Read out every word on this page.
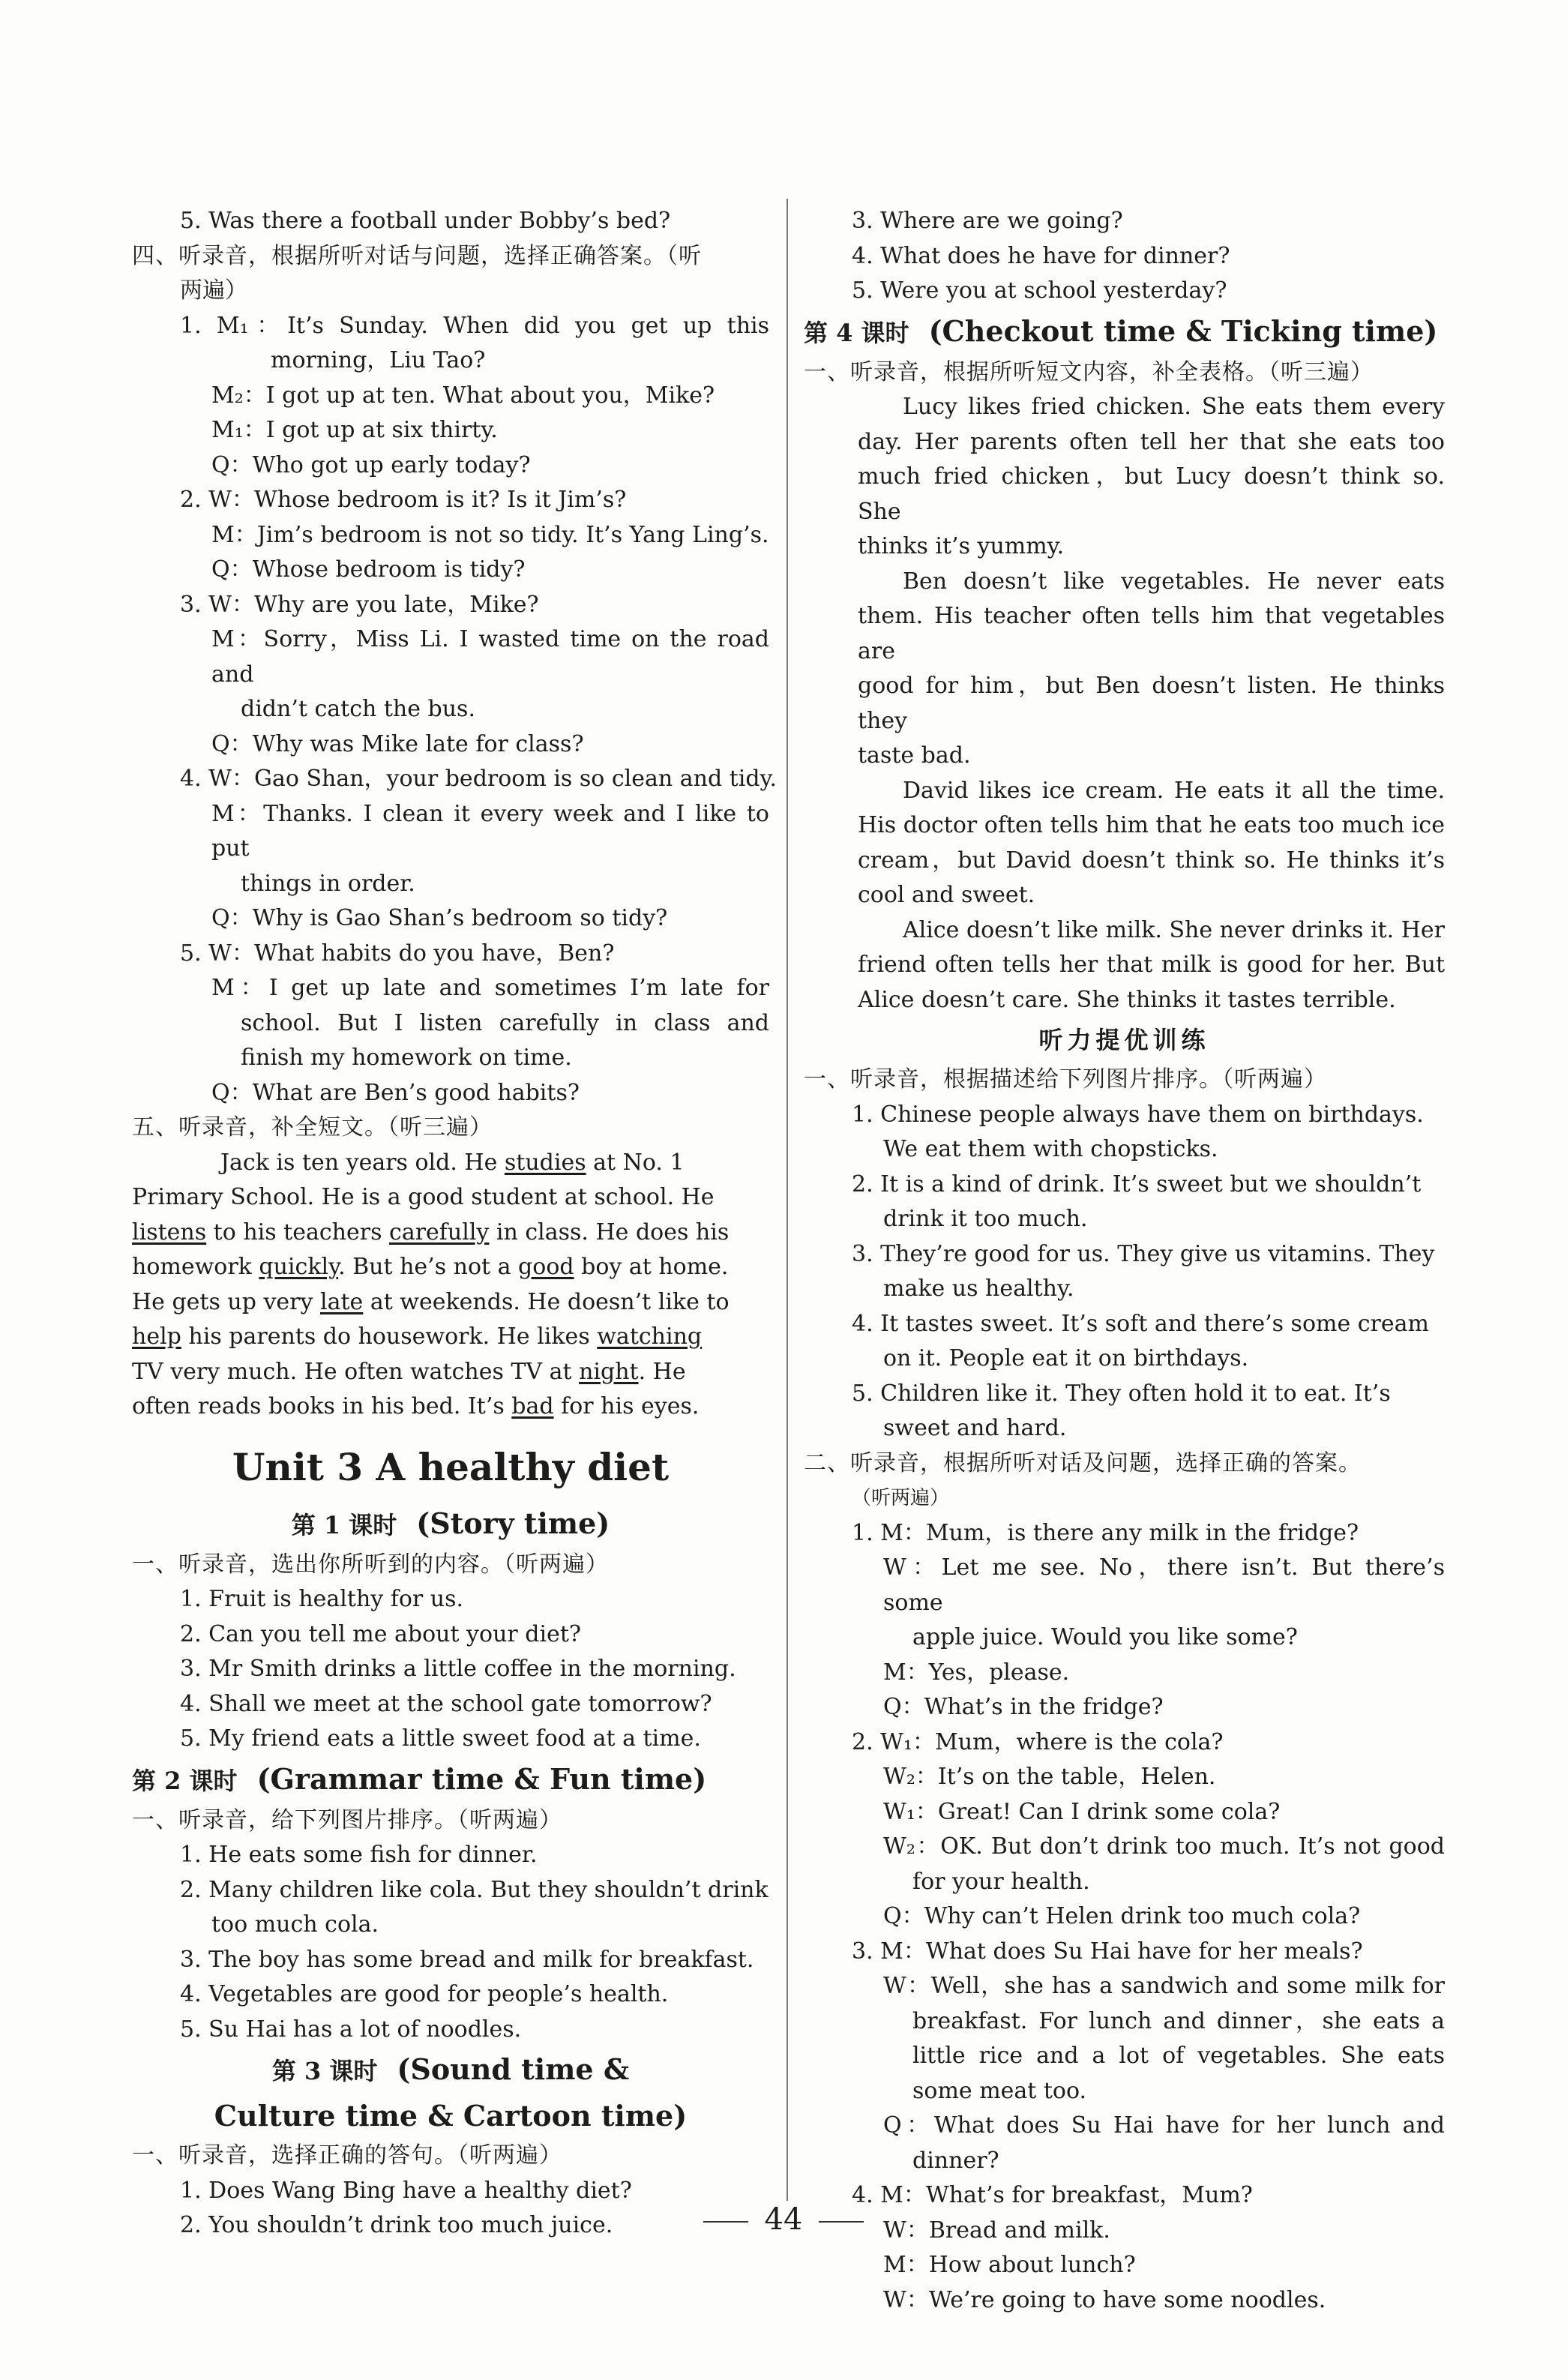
5. Was there a football under Bobby’s bed?

四、听录音，根据所听对话与问题，选择正确答案。（听

两遍）

1. M₁：It’s Sunday. When did you get up this

morning，Liu Tao?

M₂：I got up at ten. What about you，Mike?

M₁：I got up at six thirty.

Q：Who got up early today?

2. W：Whose bedroom is it? Is it Jim’s?

M：Jim’s bedroom is not so tidy. It’s Yang Ling’s.

Q：Whose bedroom is tidy?

3. W：Why are you late，Mike?

M：Sorry，Miss Li. I wasted time on the road and

didn’t catch the bus.

Q：Why was Mike late for class?

4. W：Gao Shan，your bedroom is so clean and tidy.

M：Thanks. I clean it every week and I like to put

things in order.

Q：Why is Gao Shan’s bedroom so tidy?

5. W：What habits do you have，Ben?

M：I get up late and sometimes I’m late for

school. But I listen carefully in class and

finish my homework on time.

Q：What are Ben’s good habits?

五、听录音，补全短文。（听三遍）

Jack is ten years old. He studies at No. 1

Primary School. He is a good student at school. He

listens to his teachers carefully in class. He does his

homework quickly. But he’s not a good boy at home.

He gets up very late at weekends. He doesn’t like to

help his parents do housework. He likes watching

TV very much. He often watches TV at night. He

often reads books in his bed. It’s bad for his eyes.

Unit 3 A healthy diet
第 1 课时 (Story time)

一、听录音，选出你所听到的内容。（听两遍）

1. Fruit is healthy for us.

2. Can you tell me about your diet?

3. Mr Smith drinks a little coffee in the morning.

4. Shall we meet at the school gate tomorrow?

5. My friend eats a little sweet food at a time.

第 2 课时 (Grammar time & Fun time)

一、听录音，给下列图片排序。（听两遍）

1. He eats some fish for dinner.

2. Many children like cola. But they shouldn’t drink

too much cola.

3. The boy has some bread and milk for breakfast.

4. Vegetables are good for people’s health.

5. Su Hai has a lot of noodles.

第 3 课时 (Sound time &
Culture time & Cartoon time)

一、听录音，选择正确的答句。（听两遍）

1. Does Wang Bing have a healthy diet?

2. You shouldn’t drink too much juice.

3. Where are we going?

4. What does he have for dinner?

5. Were you at school yesterday?

第 4 课时 (Checkout time & Ticking time)

一、听录音，根据所听短文内容，补全表格。（听三遍）

Lucy likes fried chicken. She eats them every

day. Her parents often tell her that she eats too

much fried chicken，but Lucy doesn’t think so. She

thinks it’s yummy.

Ben doesn’t like vegetables. He never eats

them. His teacher often tells him that vegetables are

good for him，but Ben doesn’t listen. He thinks they

taste bad.

David likes ice cream. He eats it all the time.

His doctor often tells him that he eats too much ice

cream，but David doesn’t think so. He thinks it’s

cool and sweet.

Alice doesn’t like milk. She never drinks it. Her

friend often tells her that milk is good for her. But

Alice doesn’t care. She thinks it tastes terrible.

听力提优训练

一、听录音，根据描述给下列图片排序。（听两遍）

1. Chinese people always have them on birthdays.

We eat them with chopsticks.

2. It is a kind of drink. It’s sweet but we shouldn’t

drink it too much.

3. They’re good for us. They give us vitamins. They

make us healthy.

4. It tastes sweet. It’s soft and there’s some cream

on it. People eat it on birthdays.

5. Children like it. They often hold it to eat. It’s

sweet and hard.

二、听录音，根据所听对话及问题，选择正确的答案。

（听两遍）

1. M：Mum，is there any milk in the fridge?

W：Let me see. No，there isn’t. But there’s some

apple juice. Would you like some?

M：Yes，please.

Q：What’s in the fridge?

2. W₁：Mum，where is the cola?

W₂：It’s on the table，Helen.

W₁：Great! Can I drink some cola?

W₂：OK. But don’t drink too much. It’s not good

for your health.

Q：Why can’t Helen drink too much cola?

3. M：What does Su Hai have for her meals?

W：Well，she has a sandwich and some milk for

breakfast. For lunch and dinner，she eats a

little rice and a lot of vegetables. She eats

some meat too.

Q：What does Su Hai have for her lunch and

dinner?

4. M：What’s for breakfast，Mum?

W：Bread and milk.

M：How about lunch?

W：We’re going to have some noodles.

44
